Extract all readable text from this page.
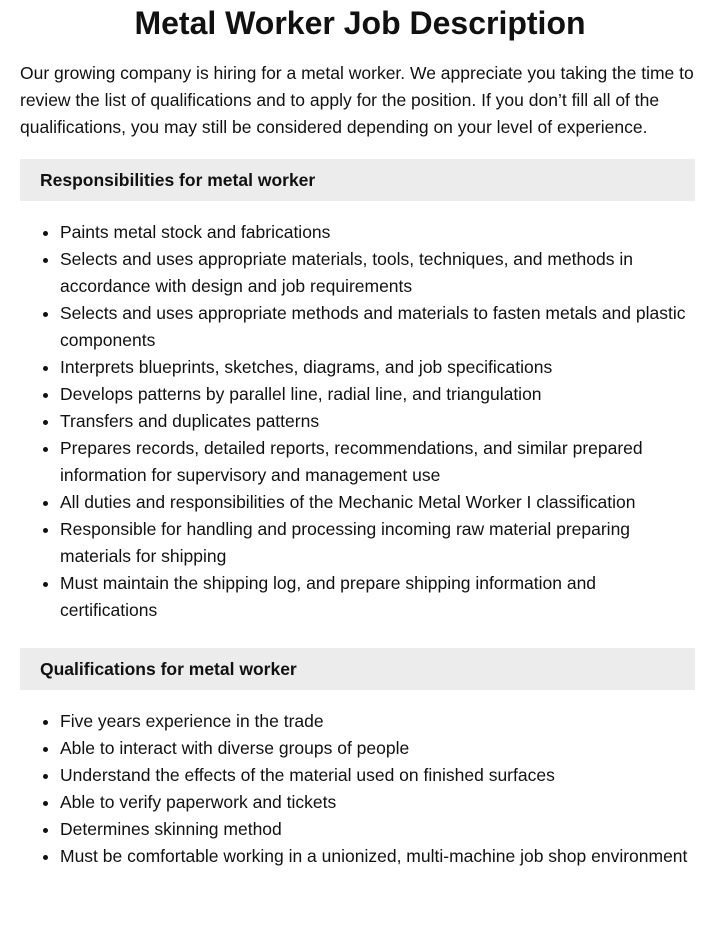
Metal Worker Job Description

Our growing company is hiring for a metal worker. We appreciate you taking the time to review the list of qualifications and to apply for the position. If you don’t fill all of the qualifications, you may still be considered depending on your level of experience.

Responsibilities for metal worker
• Paints metal stock and fabrications
• Selects and uses appropriate materials, tools, techniques, and methods in accordance with design and job requirements
• Selects and uses appropriate methods and materials to fasten metals and plastic components
• Interprets blueprints, sketches, diagrams, and job specifications
• Develops patterns by parallel line, radial line, and triangulation
• Transfers and duplicates patterns
• Prepares records, detailed reports, recommendations, and similar prepared information for supervisory and management use
• All duties and responsibilities of the Mechanic Metal Worker I classification
• Responsible for handling and processing incoming raw material preparing materials for shipping
• Must maintain the shipping log, and prepare shipping information and certifications
Qualifications for metal worker
• Five years experience in the trade
• Able to interact with diverse groups of people
• Understand the effects of the material used on finished surfaces
• Able to verify paperwork and tickets
• Determines skinning method
• Must be comfortable working in a unionized, multi-machine job shop environment
